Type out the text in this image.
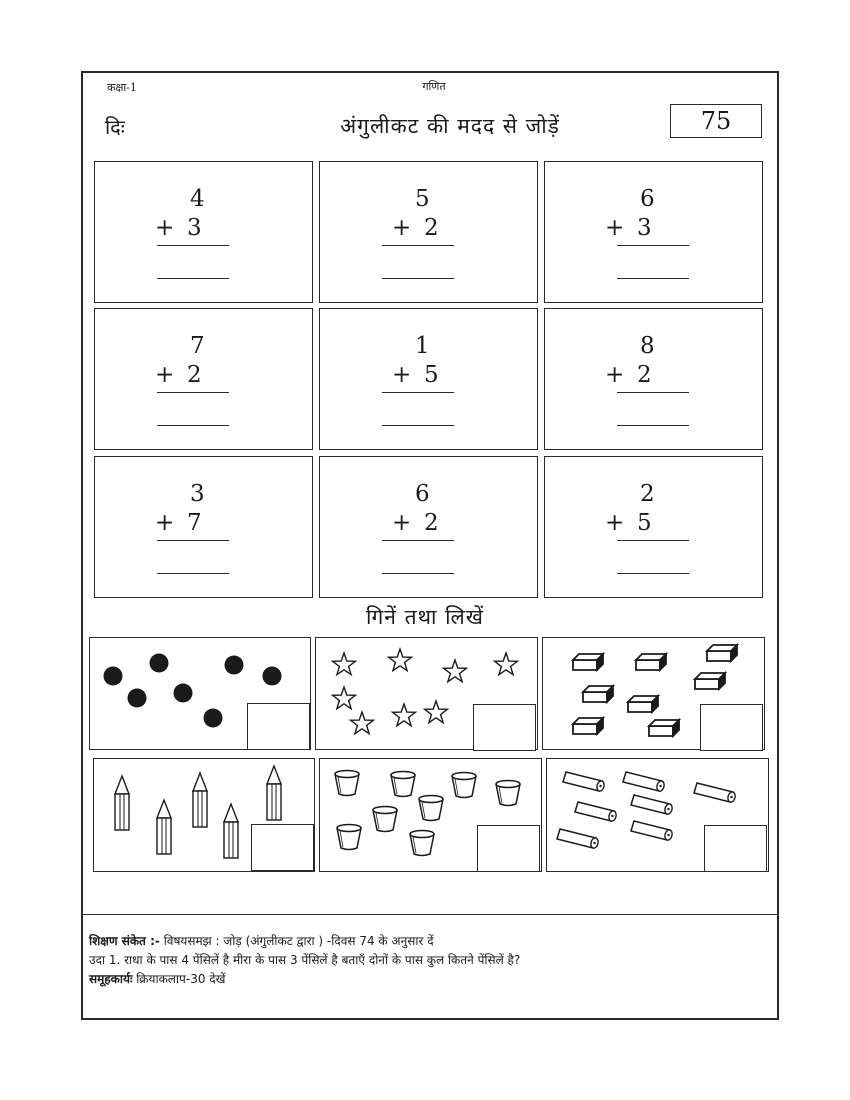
कक्षा-1	गणित
दिः	अंगुलीकट की मदद से जोड़ें	75
4
+ 3
5
+ 2
6
+ 3
7
+ 2
1
+ 5
8
+ 2
3
+ 7
6
+ 2
2
+ 5
गिनें तथा लिखें
शिक्षण संकेत :- विषयसमझ : जोड़ (अंगुलीकट द्वारा ) -दिवस 74 के अनुसार दें
उदा 1. राधा के पास 4 पेंसिलें है मीरा के पास 3 पेंसिलें है बताएँ दोनों के पास कुल कितने पेंसिलें है?
समूहकार्यः क्रियाकलाप-30 देखें
